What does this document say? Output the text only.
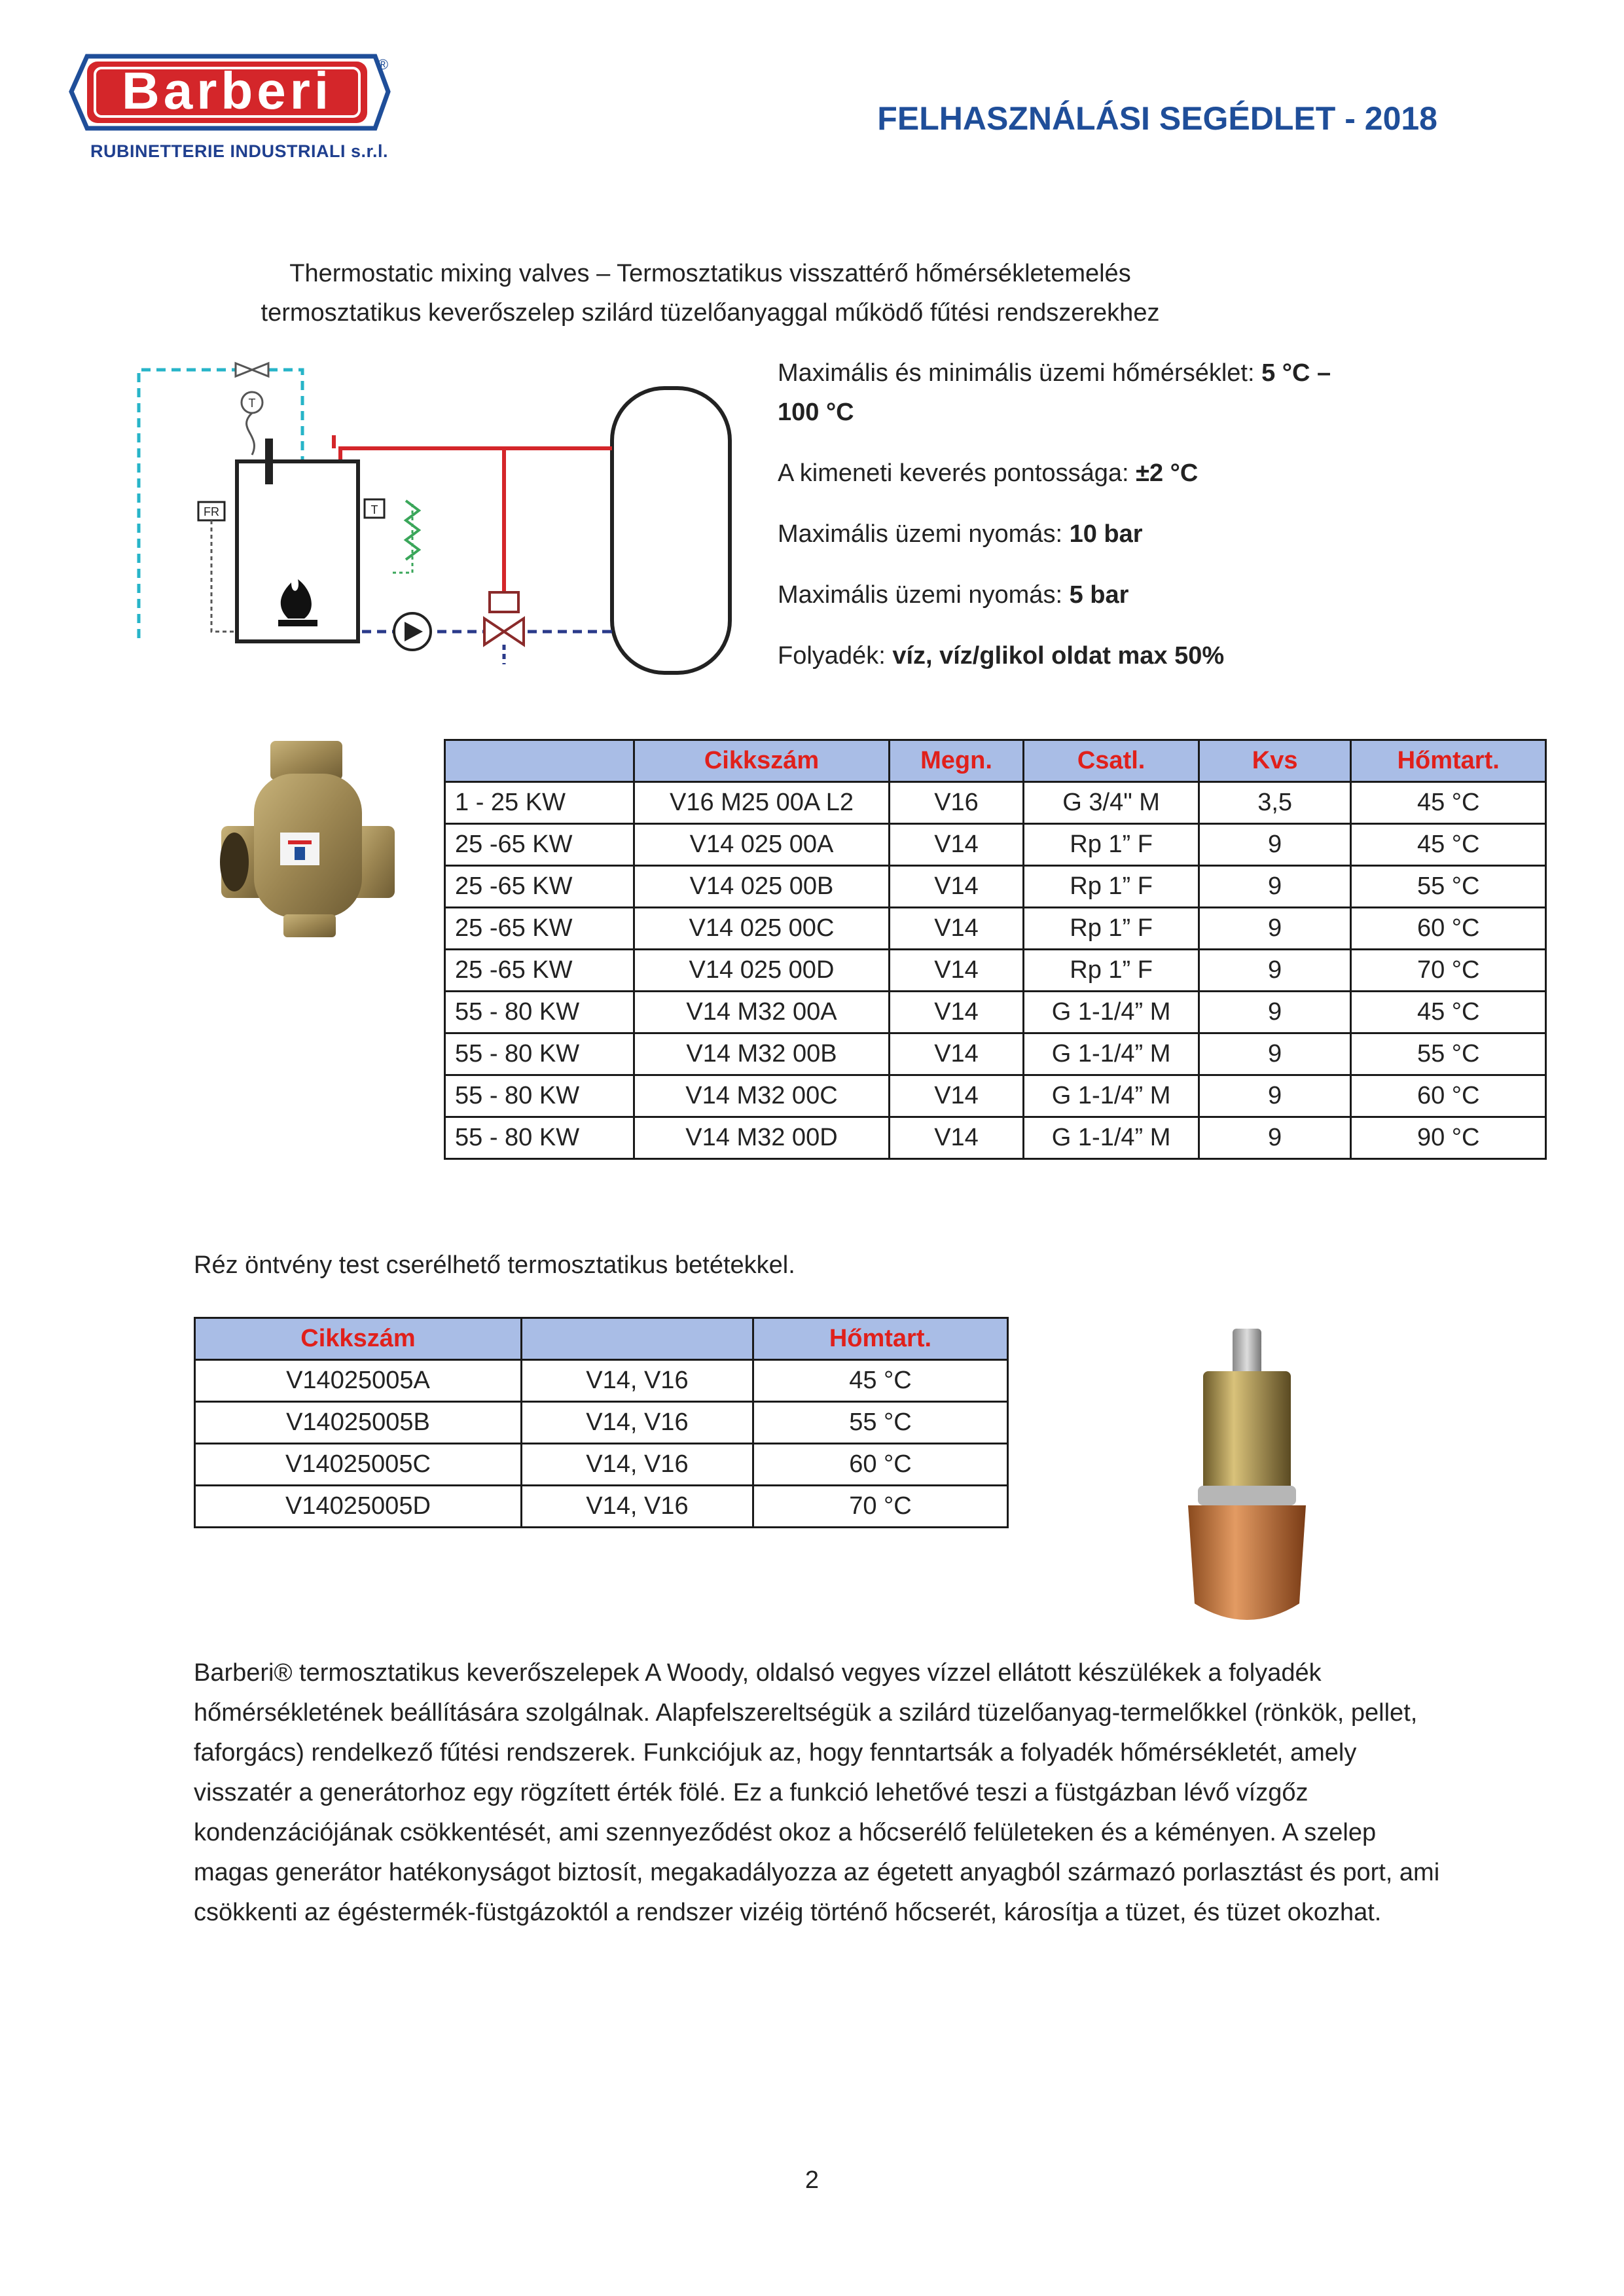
Barberi	®
RUBINETTERIE INDUSTRIALI s.r.l.
FELHASZNÁLÁSI SEGÉDLET - 2018
Thermostatic mixing valves – Termosztatikus visszattérő hőmérsékletemelés
termosztatikus keverőszelep szilárd tüzelőanyaggal működő fűtési rendszerekhez
FR	T
T
Maximális és minimális üzemi hőmérséklet: 5 °C – 100 °C
A kimeneti keverés pontossága: ±2 °C
Maximális üzemi nyomás: 10 bar
Maximális üzemi nyomás: 5 bar
Folyadék: víz, víz/glikol oldat max 50%
	Cikkszám	Megn.	Csatl.	Kvs	Hőmtart.
1 - 25 KW	V16 M25 00A L2	V16	G 3/4" M	3,5	45 °C
25 -65 KW	V14 025 00A	V14	Rp 1” F	9	45 °C
25 -65 KW	V14 025 00B	V14	Rp 1” F	9	55 °C
25 -65 KW	V14 025 00C	V14	Rp 1” F	9	60 °C
25 -65 KW	V14 025 00D	V14	Rp 1” F	9	70 °C
55 - 80 KW	V14 M32 00A	V14	G 1-1/4” M	9	45 °C
55 - 80 KW	V14 M32 00B	V14	G 1-1/4” M	9	55 °C
55 - 80 KW	V14 M32 00C	V14	G 1-1/4” M	9	60 °C
55 - 80 KW	V14 M32 00D	V14	G 1-1/4” M	9	90 °C
Réz öntvény test cserélhető termosztatikus betétekkel.
Cikkszám		Hőmtart.
V14025005A	V14, V16	45 °C
V14025005B	V14, V16	55 °C
V14025005C	V14, V16	60 °C
V14025005D	V14, V16	70 °C
Barberi® termosztatikus keverőszelepek A Woody, oldalsó vegyes vízzel ellátott készülékek a folyadék hőmérsékletének beállítására szolgálnak. Alapfelszereltségük a szilárd tüzelőanyag-termelőkkel (rönkök, pellet, faforgács) rendelkező fűtési rendszerek. Funkciójuk az, hogy fenntartsák a folyadék hőmérsékletét, amely visszatér a generátorhoz egy rögzített érték fölé. Ez a funkció lehetővé teszi a füstgázban lévő vízgőz kondenzációjának csökkentését, ami szennyeződést okoz a hőcserélő felületeken és a kéményen. A szelep magas generátor hatékonyságot biztosít, megakadályozza az égetett anyagból származó porlasztást és port, ami csökkenti az égéstermék-füstgázoktól a rendszer vizéig történő hőcserét, károsítja a tüzet, és tüzet okozhat.
2
